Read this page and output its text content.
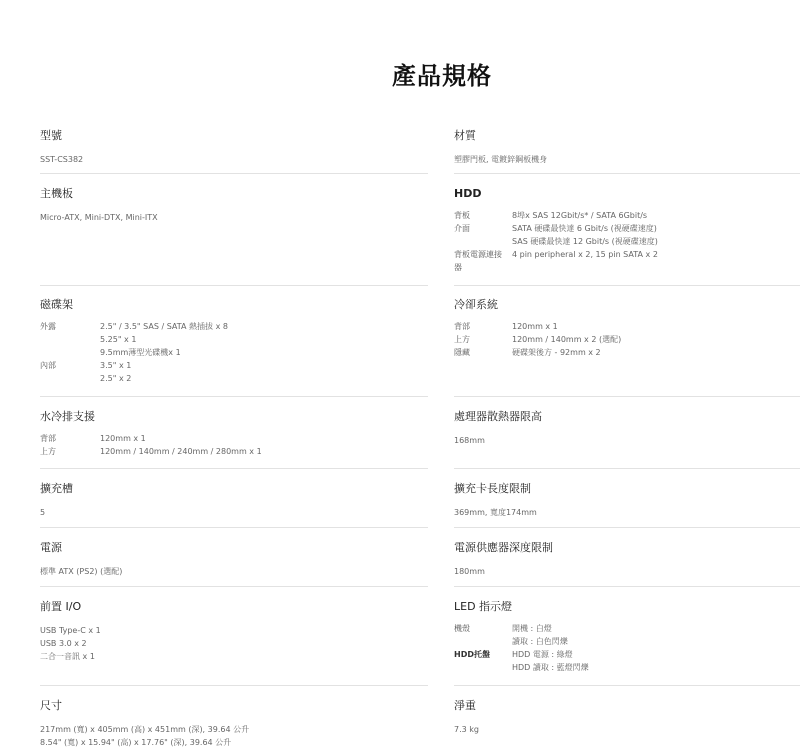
產品規格
型號
SST-CS382
材質
塑膠門板, 電鍍鋅鋼板機身
主機板
Micro-ATX, Mini-DTX, Mini-ITX
HDD
背板	8埠x SAS 12Gbit/s* / SATA 6Gbit/s
介面	SATA 硬碟最快達 6 Gbit/s (視硬碟速度)
	SAS 硬碟最快達 12 Gbit/s (視硬碟速度)
背板電源連接	4 pin peripheral x 2, 15 pin SATA x 2
器	
磁碟架
外露	2.5" / 3.5" SAS / SATA 熱插拔 x 8
	5.25" x 1
	9.5mm薄型光碟機x 1
內部	3.5" x 1
	2.5" x 2
冷卻系統
背部	120mm x 1
上方	120mm / 140mm x 2 (選配)
隱藏	硬碟架後方 - 92mm x 2
水冷排支援
背部	120mm x 1
上方	120mm / 140mm / 240mm / 280mm x 1
處理器散熱器限高
168mm
擴充槽
5
擴充卡長度限制
369mm, 寬度174mm
電源
標準 ATX (PS2) (選配)
電源供應器深度限制
180mm
前置 I/O
USB Type-C x 1
USB 3.0 x 2
二合一音訊 x 1
LED 指示燈
機殼	開機 : 白燈
	讀取 : 白色閃爍
HDD托盤	HDD 電源 : 綠燈
	HDD 讀取 : 藍燈閃爍
尺寸
217mm (寬) x 405mm (高) x 451mm (深), 39.64 公升
8.54" (寬) x 15.94" (高) x 17.76" (深), 39.64 公升
淨重
7.3 kg
